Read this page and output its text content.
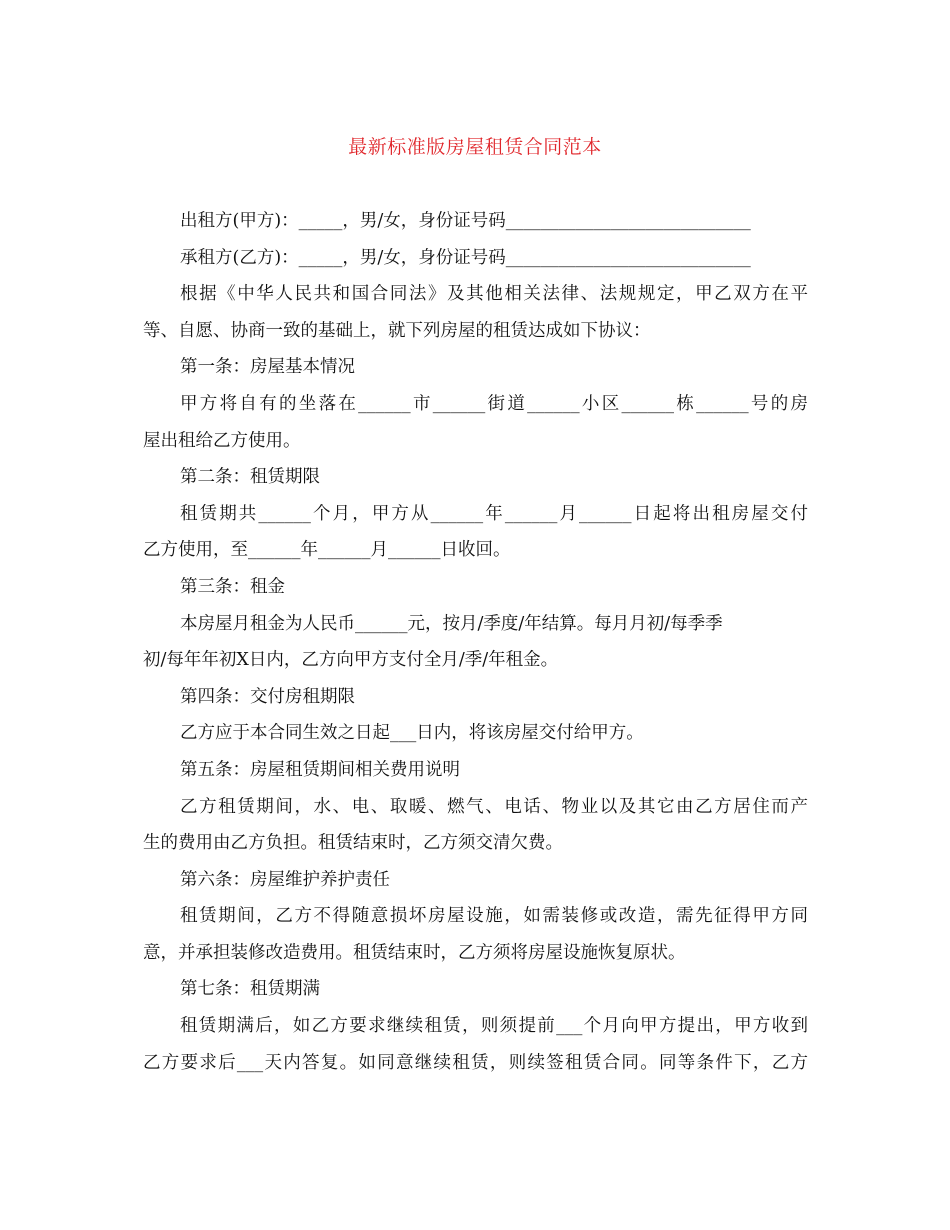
最新标准版房屋租赁合同范本
出租方(甲方)：_____，男/女，身份证号码____________________________
承租方(乙方)：_____，男/女，身份证号码____________________________
根据《中华人民共和国合同法》及其他相关法律、法规规定，甲乙双方在平
等、自愿、协商一致的基础上，就下列房屋的租赁达成如下协议：
第一条：房屋基本情况
甲方将自有的坐落在______市______街道______小区______栋______号的房
屋出租给乙方使用。
第二条：租赁期限
租赁期共______个月，甲方从______年______月______日起将出租房屋交付
乙方使用，至______年______月______日收回。
第三条：租金
本房屋月租金为人民币______元，按月/季度/年结算。每月月初/每季季
初/每年年初X日内，乙方向甲方支付全月/季/年租金。
第四条：交付房租期限
乙方应于本合同生效之日起___日内，将该房屋交付给甲方。
第五条：房屋租赁期间相关费用说明
乙方租赁期间，水、电、取暖、燃气、电话、物业以及其它由乙方居住而产
生的费用由乙方负担。租赁结束时，乙方须交清欠费。
第六条：房屋维护养护责任
租赁期间，乙方不得随意损坏房屋设施，如需装修或改造，需先征得甲方同
意，并承担装修改造费用。租赁结束时，乙方须将房屋设施恢复原状。
第七条：租赁期满
租赁期满后，如乙方要求继续租赁，则须提前___个月向甲方提出，甲方收到
乙方要求后___天内答复。如同意继续租赁，则续签租赁合同。同等条件下，乙方
